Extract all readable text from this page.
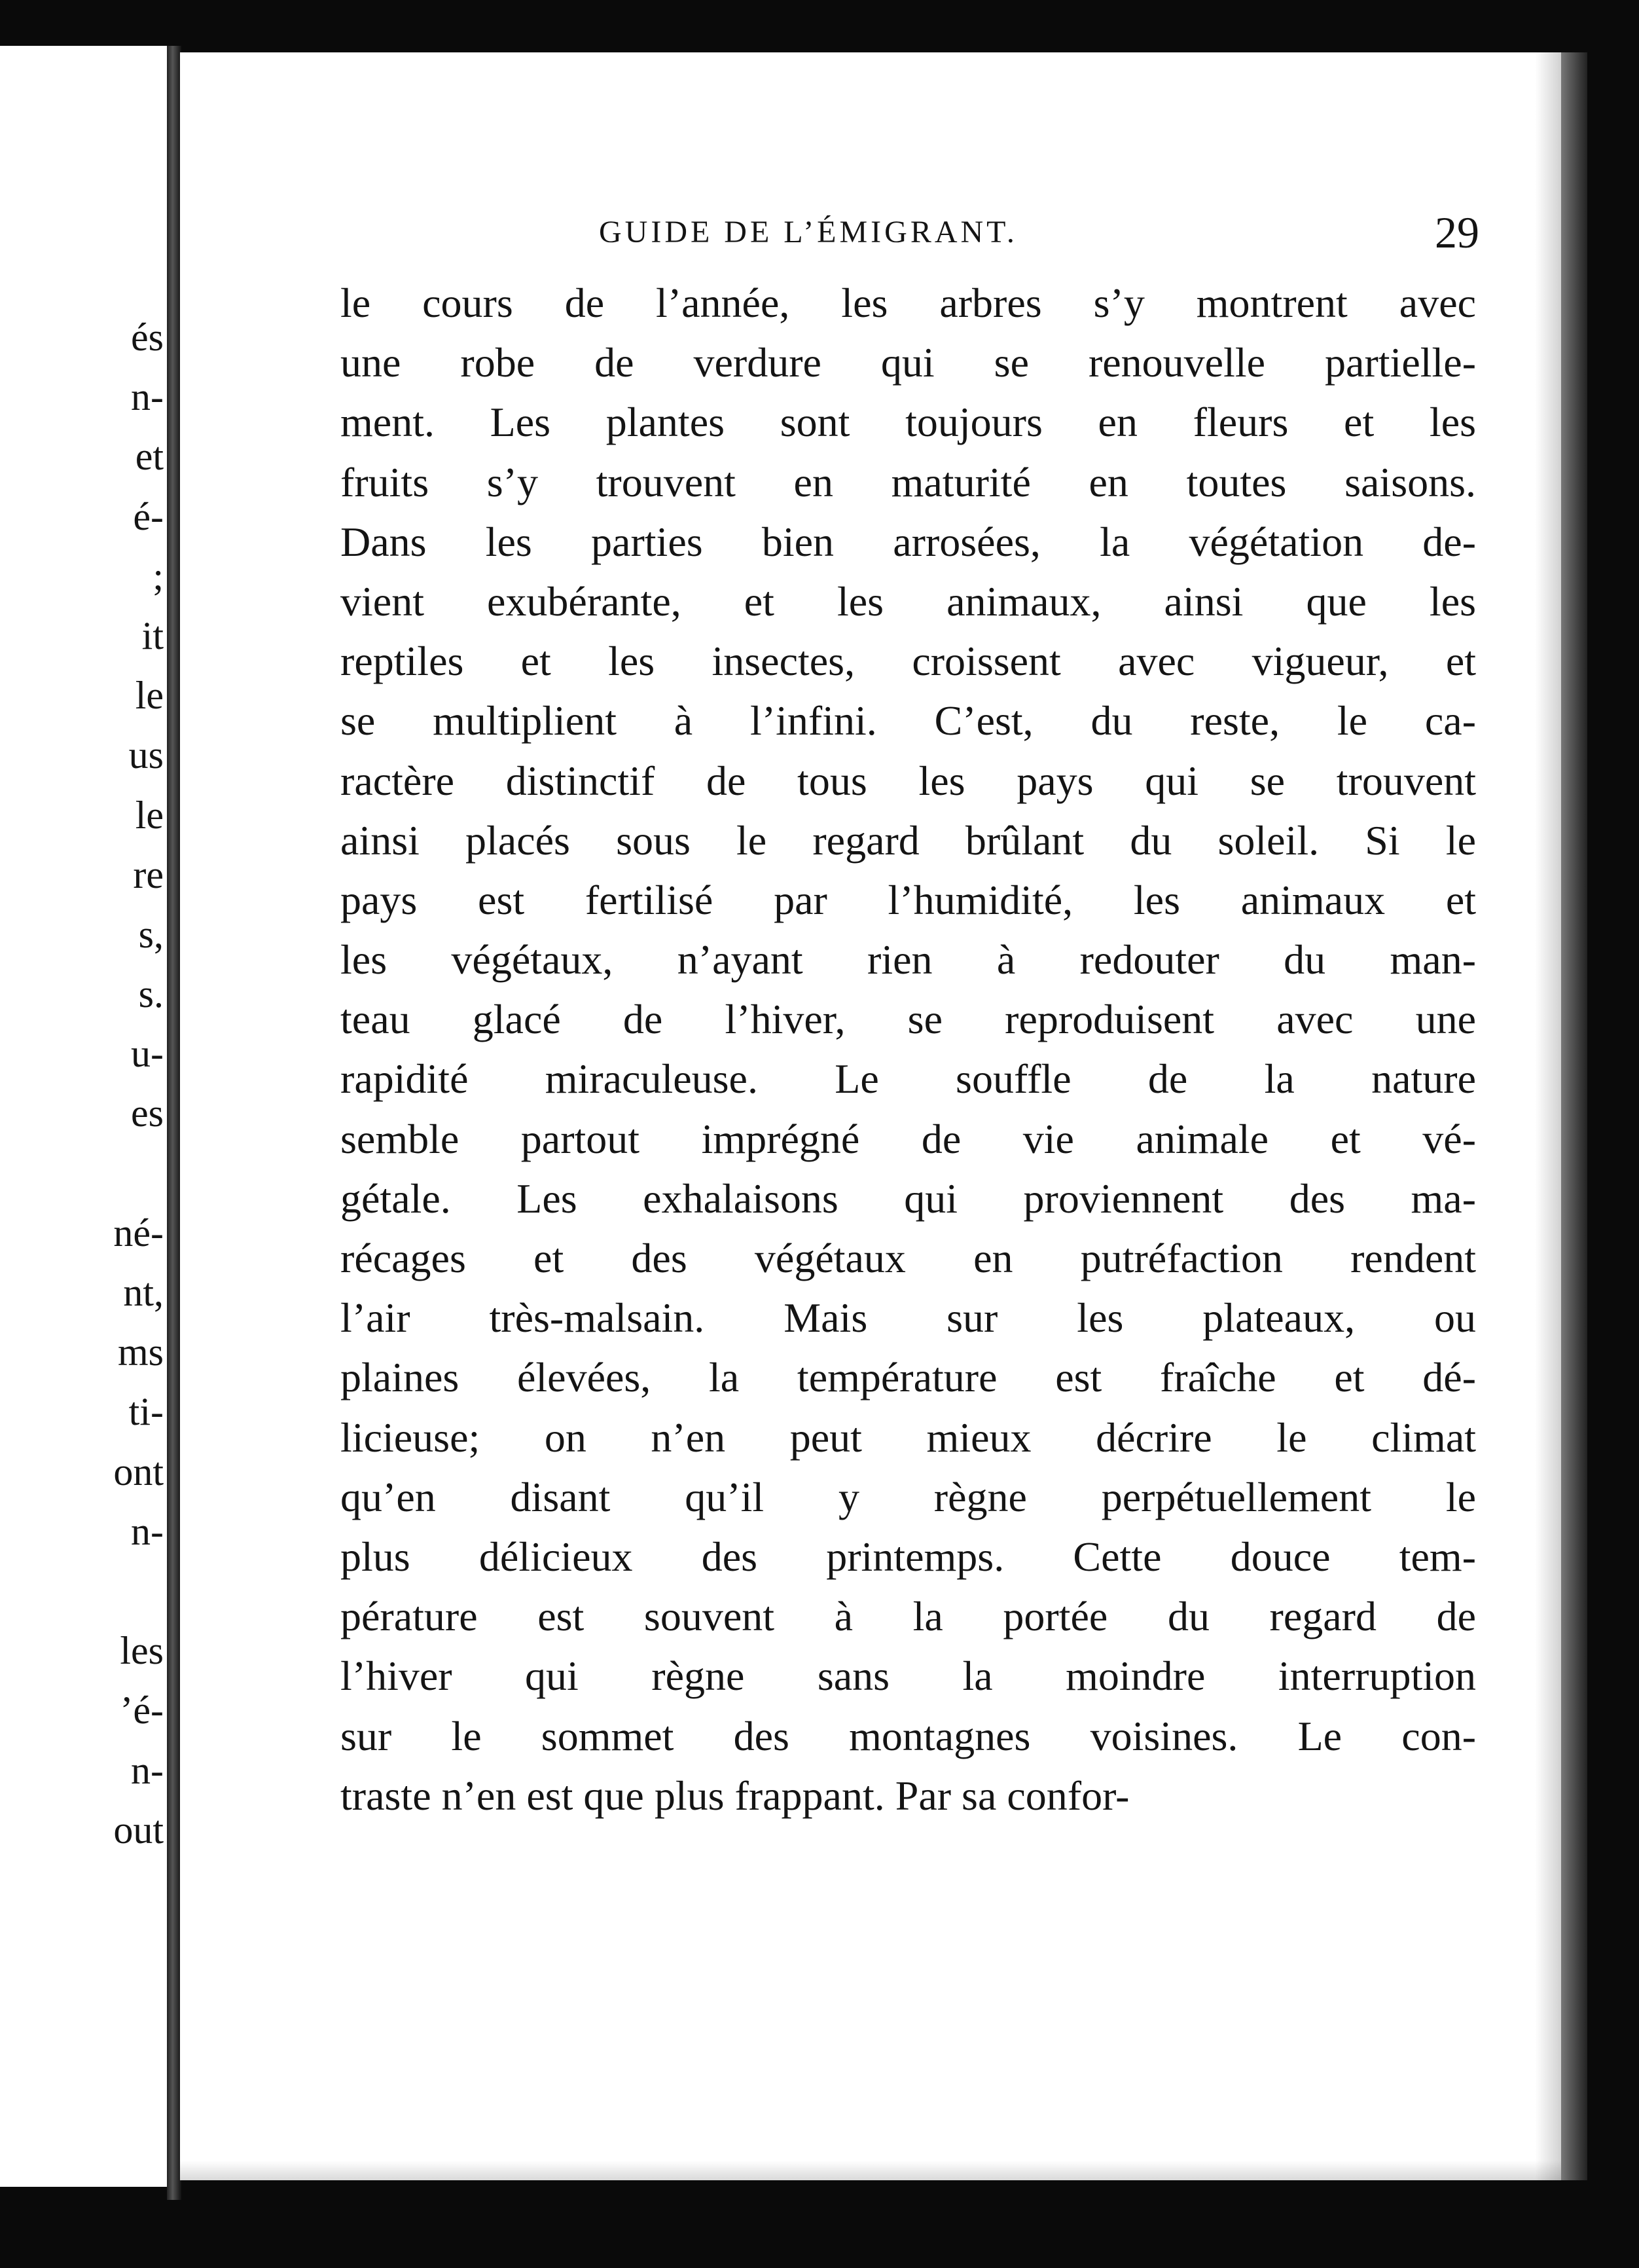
és
n-
et
é-
;
it
le
us
le
re
s,
s.
u-
es
né-
nt,
ms
ti-
ont
n-
les
’é-
n-
out
GUIDE DE L’ÉMIGRANT.	29
le cours de l’année, les arbres s’y montrent avec
une robe de verdure qui se renouvelle partielle-
ment. Les plantes sont toujours en fleurs et les
fruits s’y trouvent en maturité en toutes saisons.
Dans les parties bien arrosées, la végétation de-
vient exubérante, et les animaux, ainsi que les
reptiles et les insectes, croissent avec vigueur, et
se multiplient à l’infini. C’est, du reste, le ca-
ractère distinctif de tous les pays qui se trouvent
ainsi placés sous le regard brûlant du soleil. Si le
pays est fertilisé par l’humidité, les animaux et
les végétaux, n’ayant rien à redouter du man-
teau glacé de l’hiver, se reproduisent avec une
rapidité miraculeuse. Le souffle de la nature
semble partout imprégné de vie animale et vé-
gétale. Les exhalaisons qui proviennent des ma-
récages et des végétaux en putréfaction rendent
l’air très-malsain. Mais sur les plateaux, ou
plaines élevées, la température est fraîche et dé-
licieuse; on n’en peut mieux décrire le climat
qu’en disant qu’il y règne perpétuellement le
plus délicieux des printemps. Cette douce tem-
pérature est souvent à la portée du regard de
l’hiver qui règne sans la moindre interruption
sur le sommet des montagnes voisines. Le con-
traste n’en est que plus frappant. Par sa confor-
